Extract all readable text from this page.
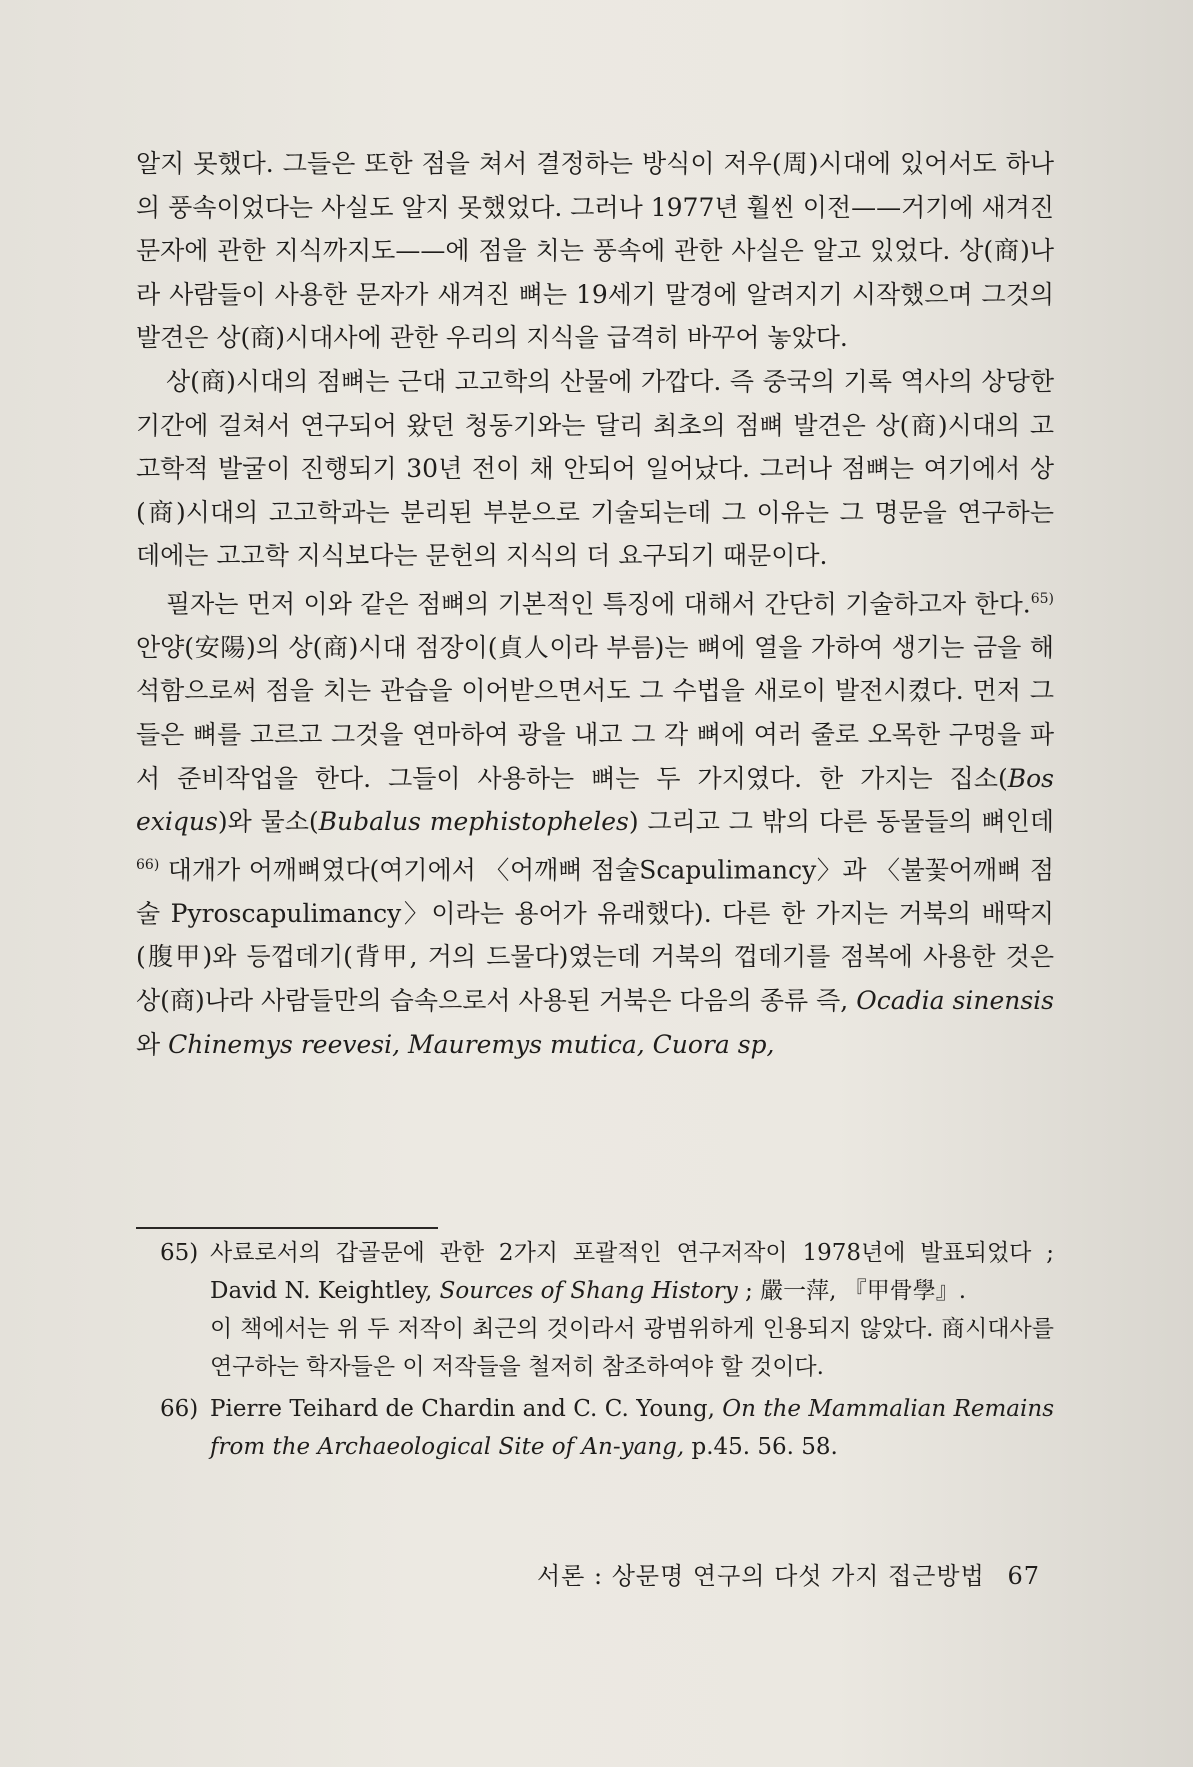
알지 못했다. 그들은 또한 점을 쳐서 결정하는 방식이 저우(周)시대에 있어서도 하나의 풍속이었다는 사실도 알지 못했었다. 그러나 1977년 훨씬 이전——거기에 새겨진 문자에 관한 지식까지도——에 점을 치는 풍속에 관한 사실은 알고 있었다. 상(商)나라 사람들이 사용한 문자가 새겨진 뼈는 19세기 말경에 알려지기 시작했으며 그것의 발견은 상(商)시대사에 관한 우리의 지식을 급격히 바꾸어 놓았다.

상(商)시대의 점뼈는 근대 고고학의 산물에 가깝다. 즉 중국의 기록 역사의 상당한 기간에 걸쳐서 연구되어 왔던 청동기와는 달리 최초의 점뼈 발견은 상(商)시대의 고고학적 발굴이 진행되기 30년 전이 채 안되어 일어났다. 그러나 점뼈는 여기에서 상(商)시대의 고고학과는 분리된 부분으로 기술되는데 그 이유는 그 명문을 연구하는 데에는 고고학 지식보다는 문헌의 지식의 더 요구되기 때문이다.

필자는 먼저 이와 같은 점뼈의 기본적인 특징에 대해서 간단히 기술하고자 한다.$^{65)}$ 안양(安陽)의 상(商)시대 점장이(貞人이라 부름)는 뼈에 열을 가하여 생기는 금을 해석함으로써 점을 치는 관습을 이어받으면서도 그 수법을 새로이 발전시켰다. 먼저 그들은 뼈를 고르고 그것을 연마하여 광을 내고 그 각 뼈에 여러 줄로 오목한 구멍을 파서 준비작업을 한다. 그들이 사용하는 뼈는 두 가지였다. 한 가지는 집소(Bos exiqus)와 물소(Bubalus mephistopheles) 그리고 그 밖의 다른 동물들의 뼈인데$^{66)}$ 대개가 어깨뼈였다(여기에서 〈어깨뼈 점술Scapulimancy〉과 〈불꽃어깨뼈 점술 Pyroscapulimancy〉이라는 용어가 유래했다). 다른 한 가지는 거북의 배딱지(腹甲)와 등껍데기(背甲, 거의 드물다)였는데 거북의 껍데기를 점복에 사용한 것은 상(商)나라 사람들만의 습속으로서 사용된 거북은 다음의 종류 즉, Ocadia sinensis 와 Chinemys reevesi, Mauremys mutica, Cuora sp,

65) 사료로서의 갑골문에 관한 2가지 포괄적인 연구저작이 1978년에 발표되었다 ; David N. Keightley, Sources of Shang History ; 嚴一萍, 『甲骨學』.

이 책에서는 위 두 저작이 최근의 것이라서 광범위하게 인용되지 않았다. 商시대사를 연구하는 학자들은 이 저작들을 철저히 참조하여야 할 것이다.

66) Pierre Teihard de Chardin and C. C. Young, On the Mammalian Remains from the Archaeological Site of An-yang, p.45. 56. 58.

서론 : 상문명 연구의 다섯 가지 접근방법 67
